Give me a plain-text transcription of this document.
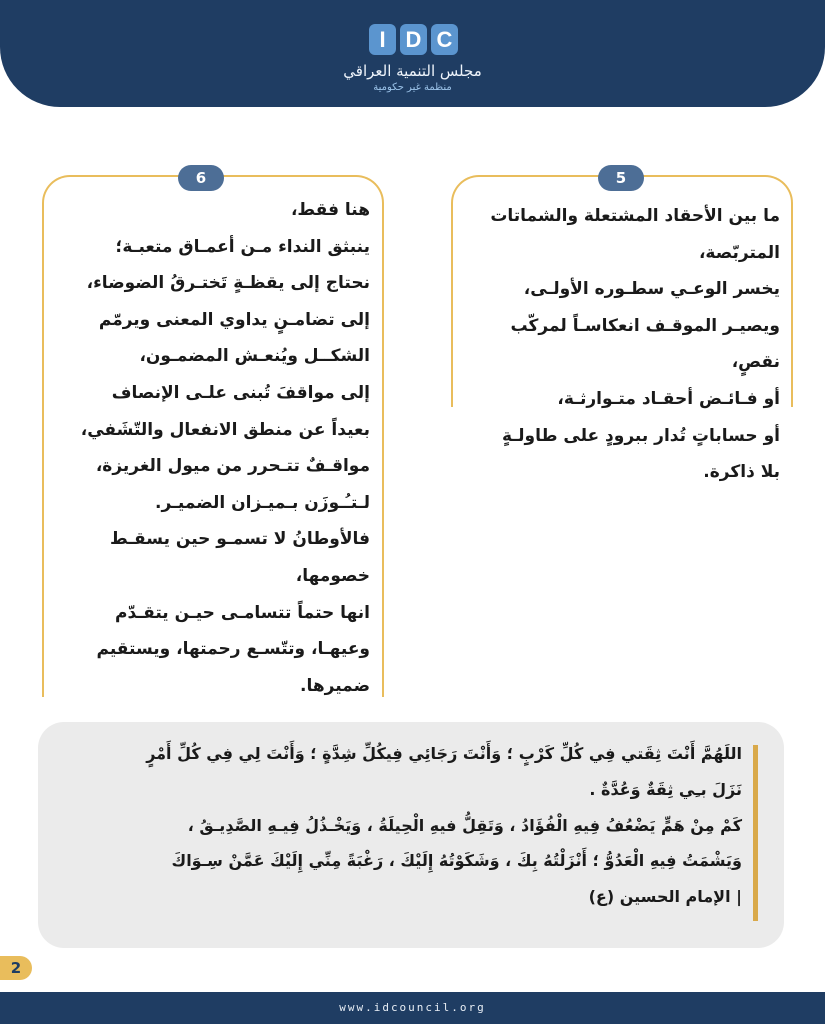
I D C
مجلس التنمية العراقي
منظمة غير حكومية
6
هنا فقط،
ينبثق النداء مـن أعمـاق متعبـة؛
نحتاج إلى يقظـةٍ تَختـرقُ الضوضاء،
إلى تضامـنٍ يداوي المعنى ويرمّم
الشكــل ويُنعـش المضمـون،
إلى مواقفَ تُبنى علـى الإنصاف
بعيداً عن منطق الانفعال والتّشَفي،
مواقـفٌ تتـحرر من ميول الغريزة،
لـتـُـوزَن بـميـزان الضميـر.
فالأوطانُ لا تسمـو حين يسقـط
خصومها،
انها حتماً تتسامـى حيـن يتقـدّم
وعيهـا، وتتّسـع رحمتها، ويستقيم
ضميرها.
5
ما بين الأحقاد المشتعلة والشماتات
المتربّصة،
يخسر الوعـي سطـوره الأولـى،
ويصيـر الموقـف انعكاسـاً لمركّب
نقصٍ،
أو فـائـض أحقـاد متـوارثـة،
أو حساباتٍ تُدار ببرودٍ على طاولـةٍ
بلا ذاكرة.
اللَهُمَّ أَنْتَ ثِقَتي فِي كُلِّ كَرْبٍ ؛ وَأَنْتَ رَجَائِي فِيكُلِّ شِدَّةٍ ؛ وَأَنْتَ لِي فِي كُلِّ أَمْرٍ
نَزَلَ بـِي ثِقَةٌ وَعُدَّةٌ .
كَمْ مِنْ هَمٍّ يَضْعُفُ فِيهِ الْفُؤَادُ ، وَتَقِلُّ فيهِ الْحِيلَةُ ، وَيَخْـذُلُ فِيـهِ الصَّدِيـقُ ،
وَيَشْمَتُ فِيهِ الْعَدُوُّ ؛ أَنْزَلْتُهُ بِكَ ، وَشَكَوْتُهُ إِلَيْكَ ، رَغْبَةً مِنِّي إِلَيْكَ عَمَّنْ سِـوَاكَ
| الإمام الحسين (ع)
2
www.idcouncil.org
